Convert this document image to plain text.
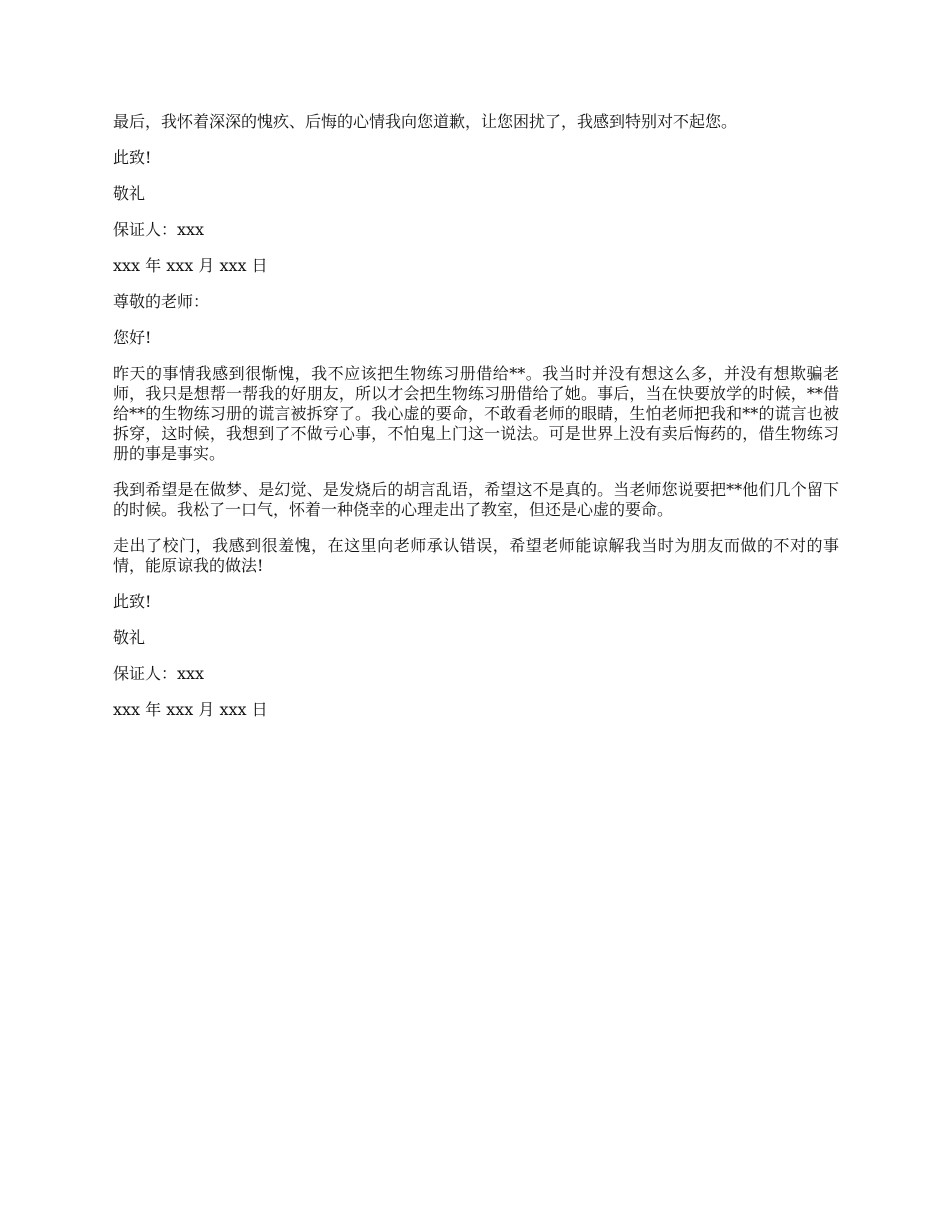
最后，我怀着深深的愧疚、后悔的心情我向您道歉，让您困扰了，我感到特别对不起您。

此致!

敬礼

保证人：xxx

xxx 年 xxx 月 xxx 日

尊敬的老师：

您好!

昨天的事情我感到很惭愧，我不应该把生物练习册借给**。我当时并没有想这么多，并没有想欺骗老师，我只是想帮一帮我的好朋友，所以才会把生物练习册借给了她。事后，当在快要放学的时候，**借给**的生物练习册的谎言被拆穿了。我心虚的要命，不敢看老师的眼睛，生怕老师把我和**的谎言也被拆穿，这时候，我想到了不做亏心事，不怕鬼上门这一说法。可是世界上没有卖后悔药的，借生物练习册的事是事实。

我到希望是在做梦、是幻觉、是发烧后的胡言乱语，希望这不是真的。当老师您说要把**他们几个留下的时候。我松了一口气，怀着一种侥幸的心理走出了教室，但还是心虚的要命。

走出了校门，我感到很羞愧，在这里向老师承认错误，希望老师能谅解我当时为朋友而做的不对的事情，能原谅我的做法!

此致!

敬礼

保证人：xxx

xxx 年 xxx 月 xxx 日
